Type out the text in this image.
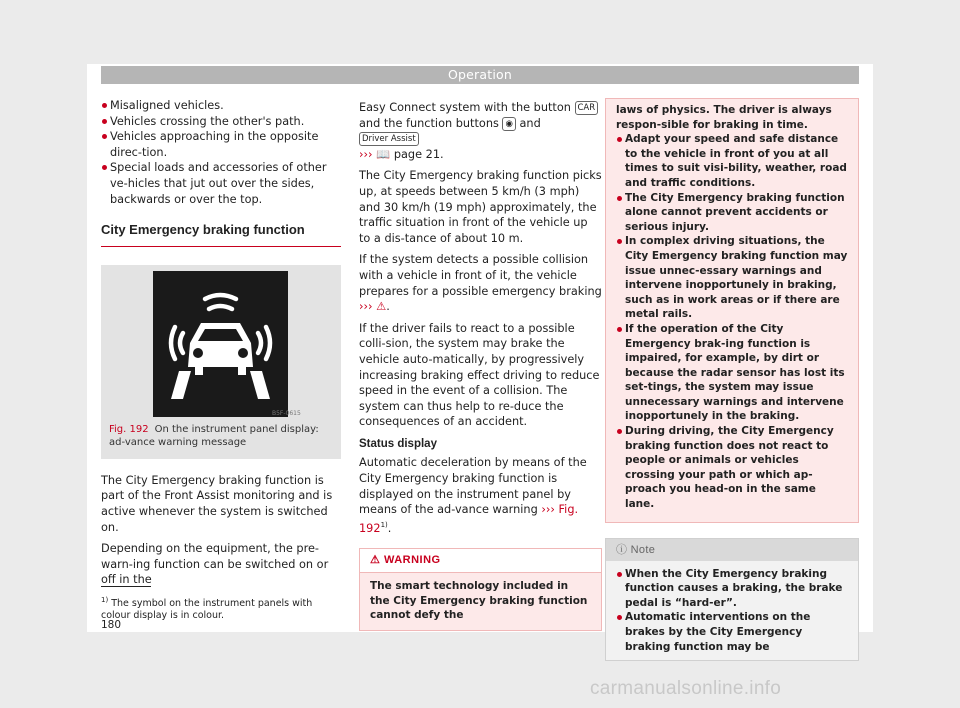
Operation
Misaligned vehicles.
Vehicles crossing the other's path.
Vehicles approaching in the opposite direc-tion.
Special loads and accessories of other ve-hicles that jut out over the sides, backwards or over the top.
City Emergency braking function
B5F-0615
Fig. 192 On the instrument panel display: ad-vance warning message

The City Emergency braking function is part of the Front Assist monitoring and is active whenever the system is switched on.

Depending on the equipment, the pre-warn-ing function can be switched on or off in the

Easy Connect system with the button CAR and the function buttons ◉ and Driver Assist
››› 📖 page 21.

The City Emergency braking function picks up, at speeds between 5 km/h (3 mph) and 30 km/h (19 mph) approximately, the traffic situation in front of the vehicle up to a dis-tance of about 10 m.

If the system detects a possible collision with a vehicle in front of it, the vehicle prepares for a possible emergency braking ››› ⚠.

If the driver fails to react to a possible colli-sion, the system may brake the vehicle auto-matically, by progressively increasing braking effect driving to reduce speed in the event of a collision. The system can thus help to re-duce the consequences of an accident.

Status display

Automatic deceleration by means of the City Emergency braking function is displayed on the instrument panel by means of the ad-vance warning ››› Fig. 192$^{1)}$.

⚠ WARNING
The smart technology included in the City Emergency braking function cannot defy the

laws of physics. The driver is always respon-sible for braking in time.

Adapt your speed and safe distance to the vehicle in front of you at all times to suit visi-bility, weather, road and traffic conditions.
The City Emergency braking function alone cannot prevent accidents or serious injury.
In complex driving situations, the City Emergency braking function may issue unnec-essary warnings and intervene inopportunely in braking, such as in work areas or if there are metal rails.
If the operation of the City Emergency brak-ing function is impaired, for example, by dirt or because the radar sensor has lost its set-tings, the system may issue unnecessary warnings and intervene inopportunely in the braking.
During driving, the City Emergency braking function does not react to people or animals or vehicles crossing your path or which ap-proach you head-on in the same lane.
ⓘ Note
When the City Emergency braking function causes a braking, the brake pedal is “hard-er”.
Automatic interventions on the brakes by the City Emergency braking function may be
$^{1)}$ The symbol on the instrument panels with colour display is in colour.
180
carmanualsonline.info
